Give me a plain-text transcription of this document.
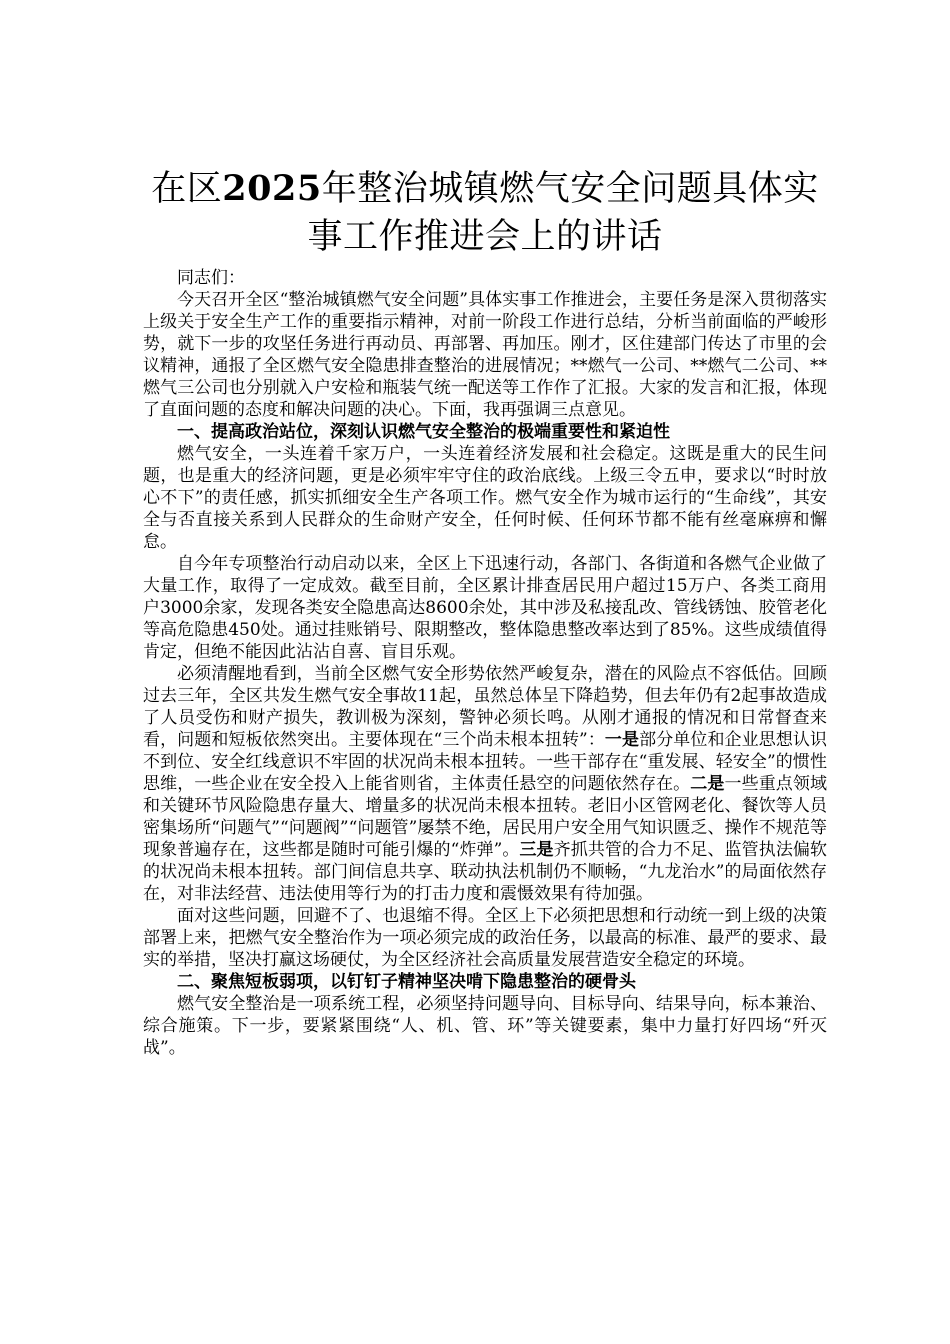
在区2025年整治城镇燃气安全问题具体实事工作推进会上的讲话

同志们：

今天召开全区“整治城镇燃气安全问题”具体实事工作推进会，主要任务是深入贯彻落实上级关于安全生产工作的重要指示精神，对前一阶段工作进行总结，分析当前面临的严峻形势，就下一步的攻坚任务进行再动员、再部署、再加压。刚才，区住建部门传达了市里的会议精神，通报了全区燃气安全隐患排查整治的进展情况；**燃气一公司、**燃气二公司、**燃气三公司也分别就入户安检和瓶装气统一配送等工作作了汇报。大家的发言和汇报，体现了直面问题的态度和解决问题的决心。下面，我再强调三点意见。

一、提高政治站位，深刻认识燃气安全整治的极端重要性和紧迫性

燃气安全，一头连着千家万户，一头连着经济发展和社会稳定。这既是重大的民生问题，也是重大的经济问题，更是必须牢牢守住的政治底线。上级三令五申，要求以“时时放心不下”的责任感，抓实抓细安全生产各项工作。燃气安全作为城市运行的“生命线”，其安全与否直接关系到人民群众的生命财产安全，任何时候、任何环节都不能有丝毫麻痹和懈怠。

自今年专项整治行动启动以来，全区上下迅速行动，各部门、各街道和各燃气企业做了大量工作，取得了一定成效。截至目前，全区累计排查居民用户超过15万户、各类工商用户3000余家，发现各类安全隐患高达8600余处，其中涉及私接乱改、管线锈蚀、胶管老化等高危隐患450处。通过挂账销号、限期整改，整体隐患整改率达到了85%。这些成绩值得肯定，但绝不能因此沾沾自喜、盲目乐观。

必须清醒地看到，当前全区燃气安全形势依然严峻复杂，潜在的风险点不容低估。回顾过去三年，全区共发生燃气安全事故11起，虽然总体呈下降趋势，但去年仍有2起事故造成了人员受伤和财产损失，教训极为深刻，警钟必须长鸣。从刚才通报的情况和日常督查来看，问题和短板依然突出。主要体现在“三个尚未根本扭转”：一是部分单位和企业思想认识不到位、安全红线意识不牢固的状况尚未根本扭转。一些干部存在“重发展、轻安全”的惯性思维，一些企业在安全投入上能省则省，主体责任悬空的问题依然存在。二是一些重点领域和关键环节风险隐患存量大、增量多的状况尚未根本扭转。老旧小区管网老化、餐饮等人员密集场所“问题气”“问题阀”“问题管”屡禁不绝，居民用户安全用气知识匮乏、操作不规范等现象普遍存在，这些都是随时可能引爆的“炸弹”。三是齐抓共管的合力不足、监管执法偏软的状况尚未根本扭转。部门间信息共享、联动执法机制仍不顺畅，“九龙治水”的局面依然存在，对非法经营、违法使用等行为的打击力度和震慑效果有待加强。

面对这些问题，回避不了、也退缩不得。全区上下必须把思想和行动统一到上级的决策部署上来，把燃气安全整治作为一项必须完成的政治任务，以最高的标准、最严的要求、最实的举措，坚决打赢这场硬仗，为全区经济社会高质量发展营造安全稳定的环境。

二、聚焦短板弱项，以钉钉子精神坚决啃下隐患整治的硬骨头

燃气安全整治是一项系统工程，必须坚持问题导向、目标导向、结果导向，标本兼治、综合施策。下一步，要紧紧围绕“人、机、管、环”等关键要素，集中力量打好四场“歼灭战”。
